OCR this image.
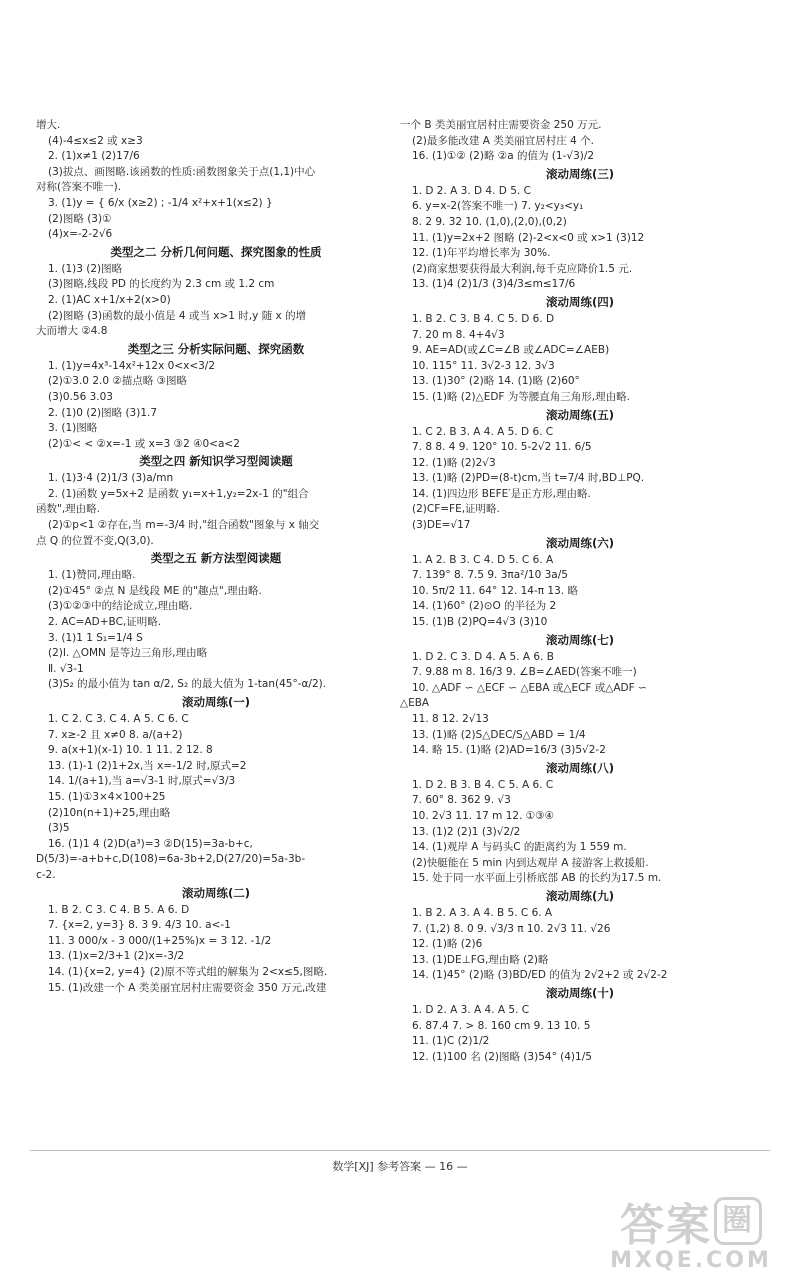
增大.
(4)-4≤x≤2 或 x≥3
2. (1)x≠1 (2)17/6
(3)拔点、画图略.该函数的性质:函数图象关于点(1,1)中心
对称(答案不唯一).
3. (1)y = { 6/x (x≥2) ; -1/4 x²+x+1(x≤2) }
(2)图略 (3)①
(4)x=-2-2√6
类型之二 分析几何问题、探究图象的性质
1. (1)3 (2)图略
(3)图略,线段 PD 的长度约为 2.3 cm 或 1.2 cm
2. (1)AC x+1/x+2(x>0)
(2)图略 (3)函数的最小值是 4 或当 x>1 时,y 随 x 的增
大而增大 ②4.8
类型之三 分析实际问题、探究函数
1. (1)y=4x³-14x²+12x 0<x<3/2
(2)①3.0 2.0 ②描点略 ③图略
(3)0.56 3.03
2. (1)0 (2)图略 (3)1.7
3. (1)图略
(2)①< < ②x=-1 或 x=3 ③2 ④0<a<2
类型之四 新知识学习型阅读题
1. (1)3·4 (2)1/3 (3)a/mn
2. (1)函数 y=5x+2 是函数 y₁=x+1,y₂=2x-1 的"组合
函数",理由略.
(2)①p<1 ②存在,当 m=-3/4 时,"组合函数"图象与 x 轴交
点 Q 的位置不变,Q(3,0).
类型之五 新方法型阅读题
1. (1)赞同,理由略.
(2)①45° ②点 N 是线段 ME 的"趣点",理由略.
(3)①②③中的结论成立,理由略.
2. AC=AD+BC,证明略.
3. (1)1 1 S₁=1/4 S
(2)Ⅰ. △OMN 是等边三角形,理由略
Ⅱ. √3-1
(3)S₂ 的最小值为 tan α/2, S₂ 的最大值为 1-tan(45°-α/2).
滚动周练(一)
1. C 2. C 3. C 4. A 5. C 6. C
7. x≥-2 且 x≠0 8. a/(a+2)
9. a(x+1)(x-1) 10. 1 11. 2 12. 8
13. (1)-1 (2)1+2x,当 x=-1/2 时,原式=2
14. 1/(a+1),当 a=√3-1 时,原式=√3/3
15. (1)①3×4×100+25
(2)10n(n+1)+25,理由略
(3)5
16. (1)1 4 (2)D(a³)=3 ②D(15)=3a-b+c,
D(5/3)=-a+b+c,D(108)=6a-3b+2,D(27/20)=5a-3b-
c-2.
滚动周练(二)
1. B 2. C 3. C 4. B 5. A 6. D
7. {x=2, y=3} 8. 3 9. 4/3 10. a<-1
11. 3 000/x - 3 000/(1+25%)x = 3 12. -1/2
13. (1)x=2/3+1 (2)x=-3/2
14. (1){x=2, y=4} (2)原不等式组的解集为 2<x≤5,图略.
15. (1)改建一个 A 类美丽宜居村庄需要资金 350 万元,改建
一个 B 类美丽宜居村庄需要资金 250 万元.
(2)最多能改建 A 类美丽宜居村庄 4 个.
16. (1)①② (2)略 ②a 的值为 (1-√3)/2
滚动周练(三)
1. D 2. A 3. D 4. D 5. C
6. y=x-2(答案不唯一) 7. y₂<y₃<y₁
8. 2 9. 32 10. (1,0),(2,0),(0,2)
11. (1)y=2x+2 图略 (2)-2<x<0 或 x>1 (3)12
12. (1)年平均增长率为 30%.
(2)商家想要获得最大利润,每千克应降价1.5 元.
13. (1)4 (2)1/3 (3)4/3≤m≤17/6
滚动周练(四)
1. B 2. C 3. B 4. C 5. D 6. D
7. 20 m 8. 4+4√3
9. AE=AD(或∠C=∠B 或∠ADC=∠AEB)
10. 115° 11. 3√2-3 12. 3√3
13. (1)30° (2)略 14. (1)略 (2)60°
15. (1)略 (2)△EDF 为等腰直角三角形,理由略.
滚动周练(五)
1. C 2. B 3. A 4. A 5. D 6. C
7. 8 8. 4 9. 120° 10. 5-2√2 11. 6/5
12. (1)略 (2)2√3
13. (1)略 (2)PD=(8-t)cm,当 t=7/4 时,BD⊥PQ.
14. (1)四边形 BEFE′是正方形,理由略.
(2)CF=FE,证明略.
(3)DE=√17
滚动周练(六)
1. A 2. B 3. C 4. D 5. C 6. A
7. 139° 8. 7.5 9. 3πa²/10 3a/5
10. 5π/2 11. 64° 12. 14-π 13. 略
14. (1)60° (2)⊙O 的半径为 2
15. (1)B (2)PQ=4√3 (3)10
滚动周练(七)
1. D 2. C 3. D 4. A 5. A 6. B
7. 9.88 m 8. 16/3 9. ∠B=∠AED(答案不唯一)
10. △ADF ∽ △ECF ∽ △EBA 或△ECF 或△ADF ∽
△EBA
11. 8 12. 2√13
13. (1)略 (2)S△DEC/S△ABD = 1/4
14. 略 15. (1)略 (2)AD=16/3 (3)5√2-2
滚动周练(八)
1. D 2. B 3. B 4. C 5. A 6. C
7. 60° 8. 362 9. √3
10. 2√3 11. 17 m 12. ①③④
13. (1)2 (2)1 (3)√2/2
14. (1)观岸 A 与码头C 的距离约为 1 559 m.
(2)快艇能在 5 min 内到达观岸 A 接游客上救援船.
15. 处于同一水平面上引桥底部 AB 的长约为17.5 m.
滚动周练(九)
1. B 2. A 3. A 4. B 5. C 6. A
7. (1,2) 8. 0 9. √3/3 π 10. 2√3 11. √26
12. (1)略 (2)6
13. (1)DE⊥FG,理由略 (2)略
14. (1)45° (2)略 (3)BD/ED 的值为 2√2+2 或 2√2-2
滚动周练(十)
1. D 2. A 3. A 4. A 5. C
6. 87.4 7. > 8. 160 cm 9. 13 10. 5
11. (1)C (2)1/2
12. (1)100 名 (2)图略 (3)54° (4)1/5
数学[XJ] 参考答案 — 16 —
答案 圈
MXQE.COM
